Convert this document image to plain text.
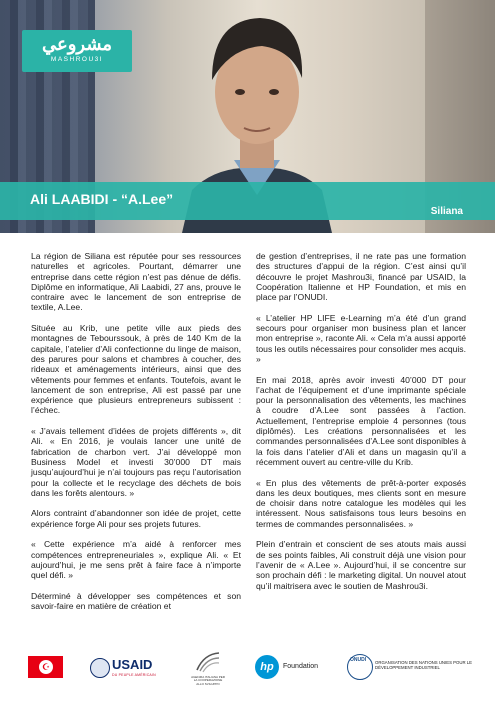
مشروعي
MASHROU3I
Ali LAABIDI - “A.Lee”
Siliana

La région de Siliana est réputée pour ses ressources naturelles et agricoles. Pourtant, démarrer une entreprise dans cette région n’est pas dénue de défis. Diplôme en informatique, Ali Laabidi, 27 ans, prouve le contraire avec le lancement de son entreprise de textile, A.Lee.

Située au Krib, une petite ville aux pieds des montagnes de Tebourssouk, à près de 140 Km de la capitale, l’atelier d’Ali confectionne du linge de maison, des parures pour salons et chambres à coucher, des rideaux et aménagements intérieurs, ainsi que des vêtements pour femmes et enfants. Toutefois, avant le lancement de son entreprise, Ali est passé par une expérience que plusieurs entrepreneurs subissent : l’échec.

« J’avais tellement d’idées de projets différents », dit Ali. « En 2016, je voulais lancer une unité de fabrication de charbon vert. J’ai développé mon Business Model et investi 30’000 DT mais jusqu’aujourd’hui je n’ai toujours pas reçu l’autorisation pour la collecte et le recyclage des déchets de bois dans les forêts alentours. »

Alors contraint d’abandonner son idée de projet, cette expérience forge Ali pour ses projets futures.

« Cette expérience m’a aidé à renforcer mes compétences entrepreneuriales », explique Ali. « Et aujourd’hui, je me sens prêt à faire face à n’importe quel défi. »

Déterminé à développer ses compétences et son savoir-faire en matière de création et

de gestion d’entreprises, il ne rate pas une formation des structures d’appui de la région. C’est ainsi qu’il découvre le projet Mashrou3i, financé par USAID, la Coopération Italienne et HP Foundation, et mis en place par l’ONUDI.

« L’atelier HP LIFE e-Learning m’a été d’un grand secours pour organiser mon business plan et lancer mon entreprise », raconte Ali. « Cela m’a aussi apporté tous les outils nécessaires pour consolider mes acquis. »

En mai 2018, après avoir investi 40’000 DT pour l’achat de l’équipement et d’une imprimante spéciale pour la personnalisation des vêtements, les machines à coudre d’A.Lee sont passées à l’action. Actuellement, l’entreprise emploie 4 personnes (tous diplômés). Les créations personnalisées et les commandes personnalisées d’A.Lee sont disponibles à la fois dans l’atelier d’Ali et dans un magasin qu’il a récemment ouvert au centre-ville du Krib.

« En plus des vêtements de prêt-à-porter exposés dans les deux boutiques, mes clients sont en mesure de choisir dans notre catalogue les modèles qui les intéressent. Nous satisfaisons tous leurs besoins en termes de commandes personnalisées. »

Plein d’entrain et conscient de ses atouts mais aussi de ses points faibles, Ali construit déjà une vision pour l’avenir de « A.Lee ». Aujourd’hui, il se concentre sur son prochain défi : le marketing digital. Un nouvel atout qu’il maitrisera avec le soutien de Mashrou3i.

☪	USAID
DU PEUPLE AMÉRICAIN	AGENZIA ITALIANA PER LA COOPERAZIONE ALLO SVILUPPO
hp	Foundation
ONUDI ORGANISATION DES NATIONS UNIES POUR LE DÉVELOPPEMENT INDUSTRIEL
